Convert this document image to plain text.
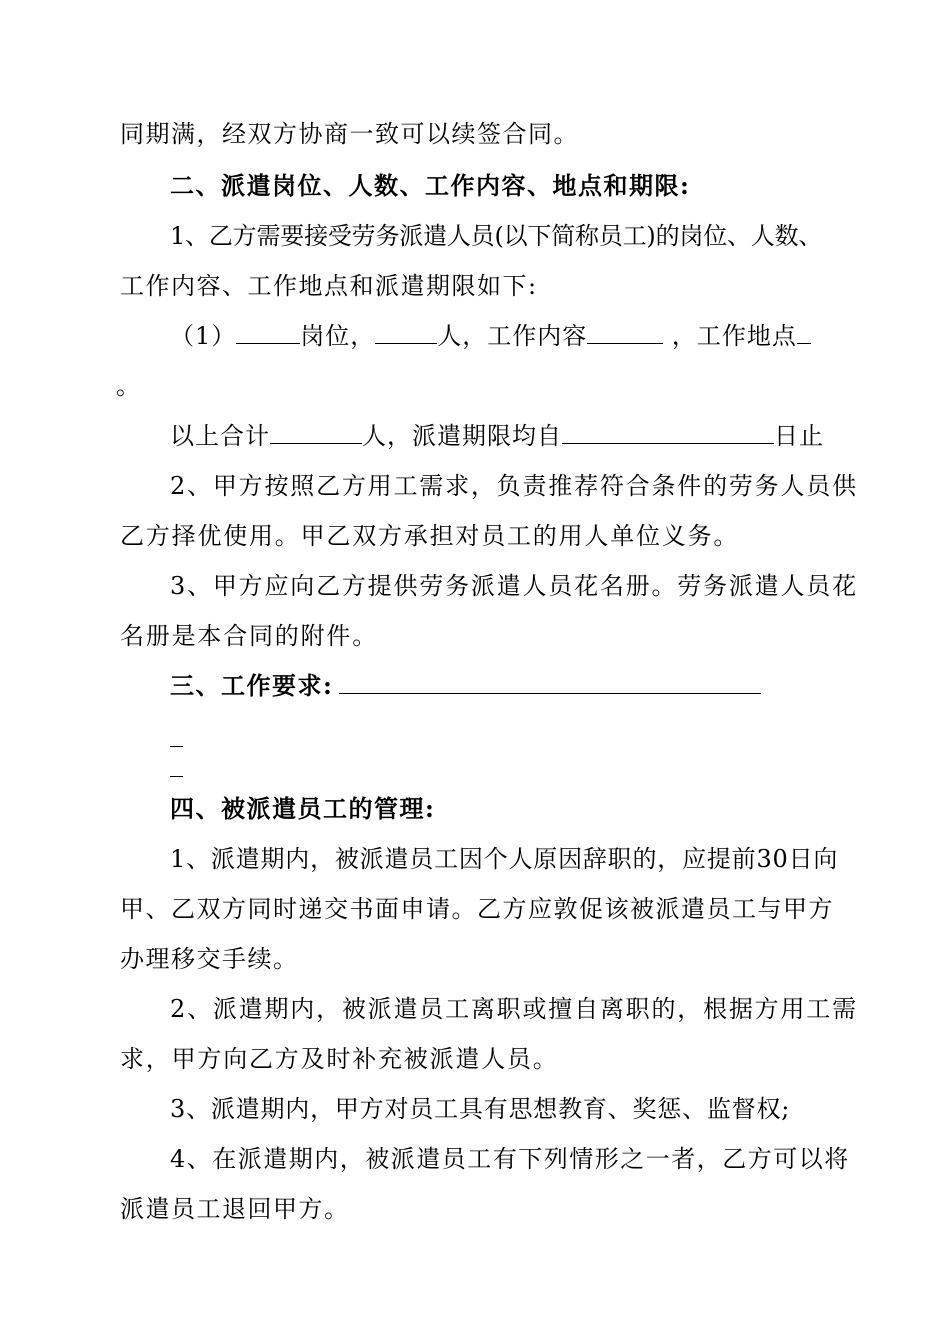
同期满，经双方协商一致可以续签合同。
二、派遣岗位、人数、工作内容、地点和期限:
1、乙方需要接受劳务派遣人员(以下简称员工)的岗位、人数、
工作内容、工作地点和派遣期限如下:
（1）	岗位，	人，工作内容	，工作地点
。
以上合计	人，派遣期限均自	日止
2、甲方按照乙方用工需求，负责推荐符合条件的劳务人员供
乙方择优使用。甲乙双方承担对员工的用人单位义务。
3、甲方应向乙方提供劳务派遣人员花名册。劳务派遣人员花
名册是本合同的附件。
三、工作要求:
四、被派遣员工的管理:
1、派遣期内，被派遣员工因个人原因辞职的，应提前30日向
甲、乙双方同时递交书面申请。乙方应敦促该被派遣员工与甲方
办理移交手续。
2、派遣期内，被派遣员工离职或擅自离职的，根据方用工需
求，甲方向乙方及时补充被派遣人员。
3、派遣期内，甲方对员工具有思想教育、奖惩、监督权;
4、在派遣期内，被派遣员工有下列情形之一者，乙方可以将
派遣员工退回甲方。
